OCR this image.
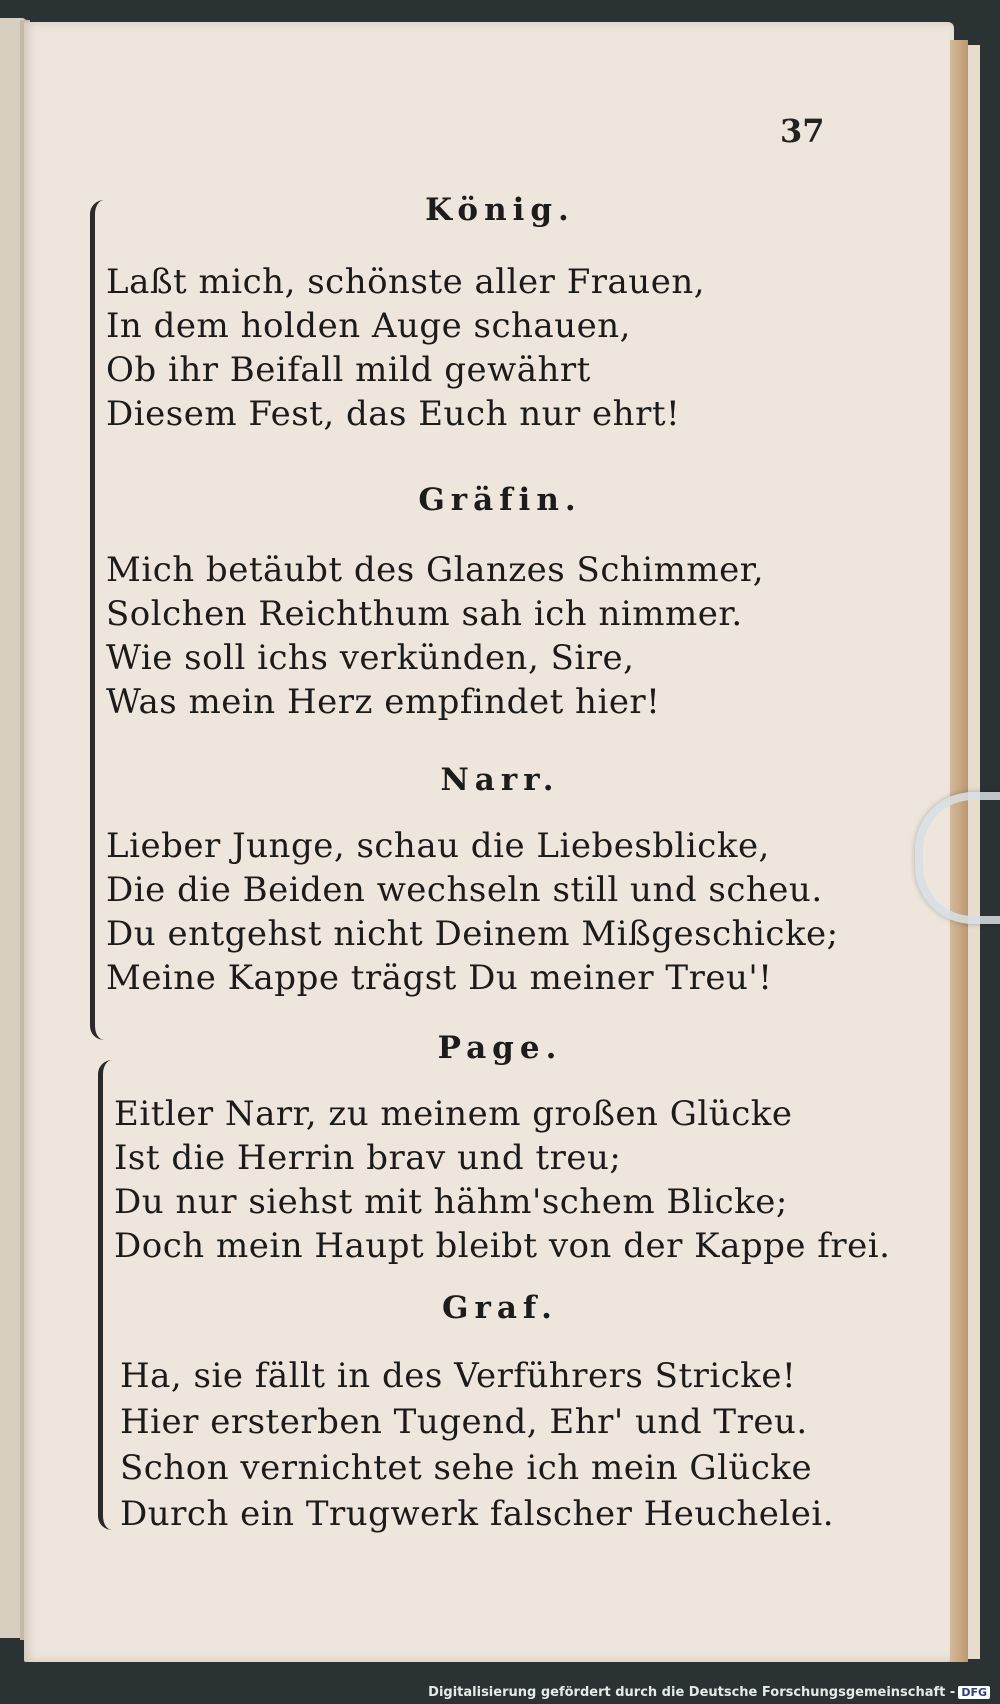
37
König.
Laßt mich, schönste aller Frauen,
In dem holden Auge schauen,
Ob ihr Beifall mild gewährt
Diesem Fest, das Euch nur ehrt!
Gräfin.
Mich betäubt des Glanzes Schimmer,
Solchen Reichthum sah ich nimmer.
Wie soll ichs verkünden, Sire,
Was mein Herz empfindet hier!
Narr.
Lieber Junge, schau die Liebesblicke,
Die die Beiden wechseln still und scheu.
Du entgehst nicht Deinem Mißgeschicke;
Meine Kappe trägst Du meiner Treu'!
Page.
Eitler Narr, zu meinem großen Glücke
Ist die Herrin brav und treu;
Du nur siehst mit hähm'schem Blicke;
Doch mein Haupt bleibt von der Kappe frei.
Graf.
Ha, sie fällt in des Verführers Stricke!
Hier ersterben Tugend, Ehr' und Treu.
Schon vernichtet sehe ich mein Glücke
Durch ein Trugwerk falscher Heuchelei.
Digitalisierung gefördert durch die Deutsche Forschungsgemeinschaft - DFG
